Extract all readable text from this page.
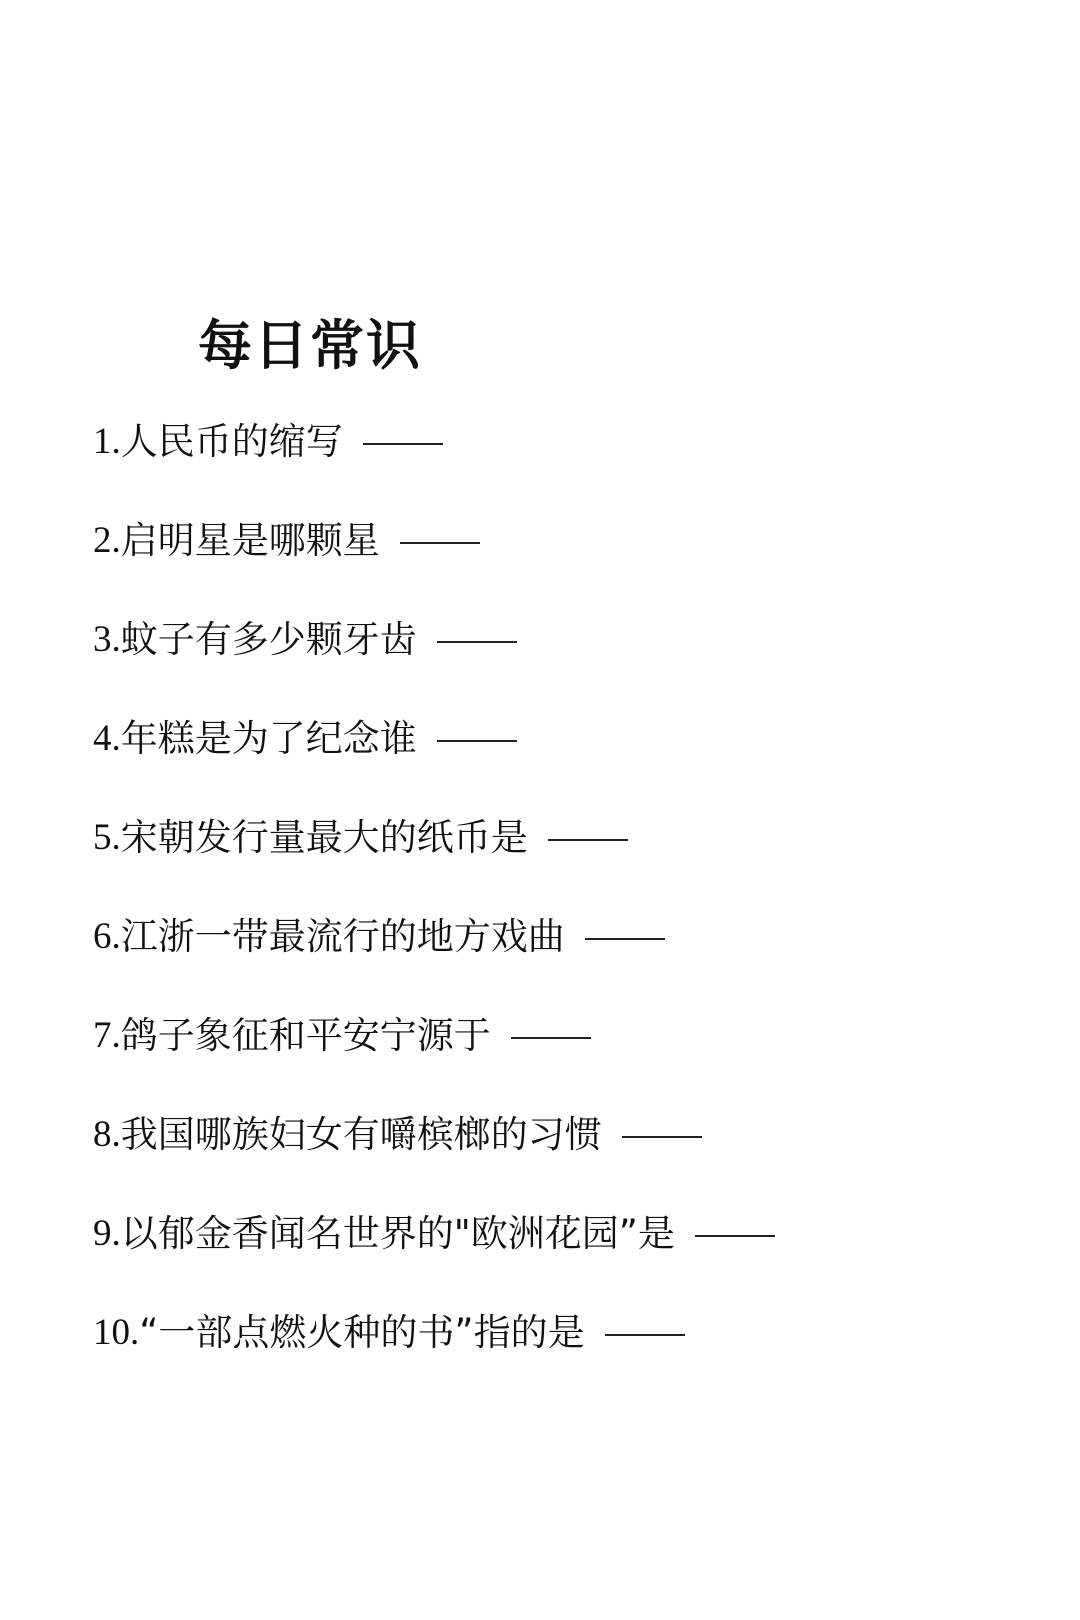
每日常识
1. 人民币的缩写
2. 启明星是哪颗星
3. 蚊子有多少颗牙齿
4. 年糕是为了纪念谁
5. 宋朝发行量最大的纸币是
6. 江浙一带最流行的地方戏曲
7. 鸽子象征和平安宁源于
8. 我国哪族妇女有嚼槟榔的习惯
9. 以郁金香闻名世界的"欧洲花园”是
10. “一部点燃火种的书”指的是
